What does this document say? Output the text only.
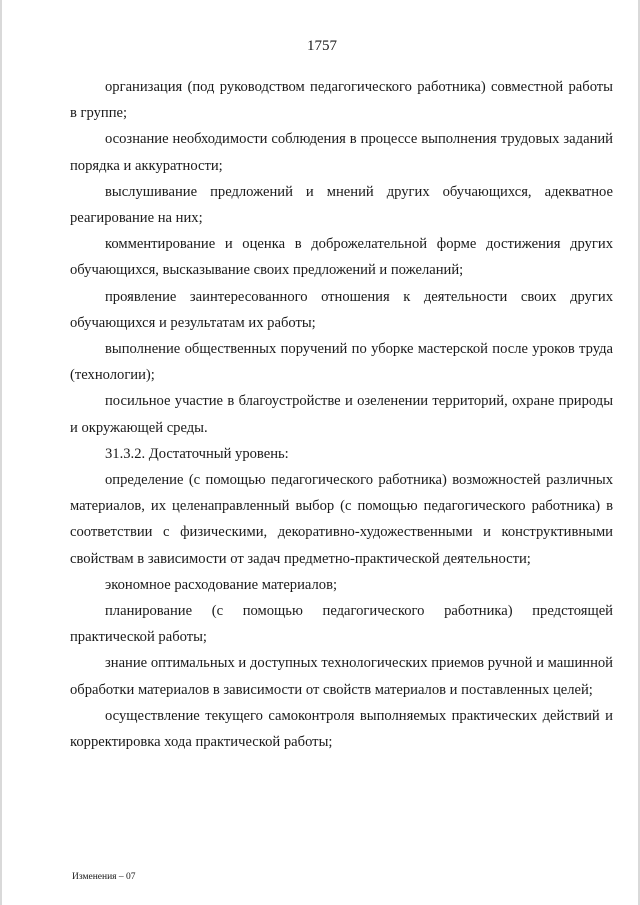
1757

организация (под руководством педагогического работника) совместной работы в группе;

осознание необходимости соблюдения в процессе выполнения трудовых заданий порядка и аккуратности;

выслушивание предложений и мнений других обучающихся, адекватное реагирование на них;

комментирование и оценка в доброжелательной форме достижения других обучающихся, высказывание своих предложений и пожеланий;

проявление заинтересованного отношения к деятельности своих других обучающихся и результатам их работы;

выполнение общественных поручений по уборке мастерской после уроков труда (технологии);

посильное участие в благоустройстве и озеленении территорий, охране природы и окружающей среды.

31.3.2. Достаточный уровень:

определение (с помощью педагогического работника) возможностей различных материалов, их целенаправленный выбор (с помощью педагогического работника) в соответствии с физическими, декоративно-художественными и конструктивными свойствам в зависимости от задач предметно-практической деятельности;

экономное расходование материалов;

планирование (с помощью педагогического работника) предстоящей практической работы;

знание оптимальных и доступных технологических приемов ручной и машинной обработки материалов в зависимости от свойств материалов и поставленных целей;

осуществление текущего самоконтроля выполняемых практических действий и корректировка хода практической работы;

Изменения – 07
